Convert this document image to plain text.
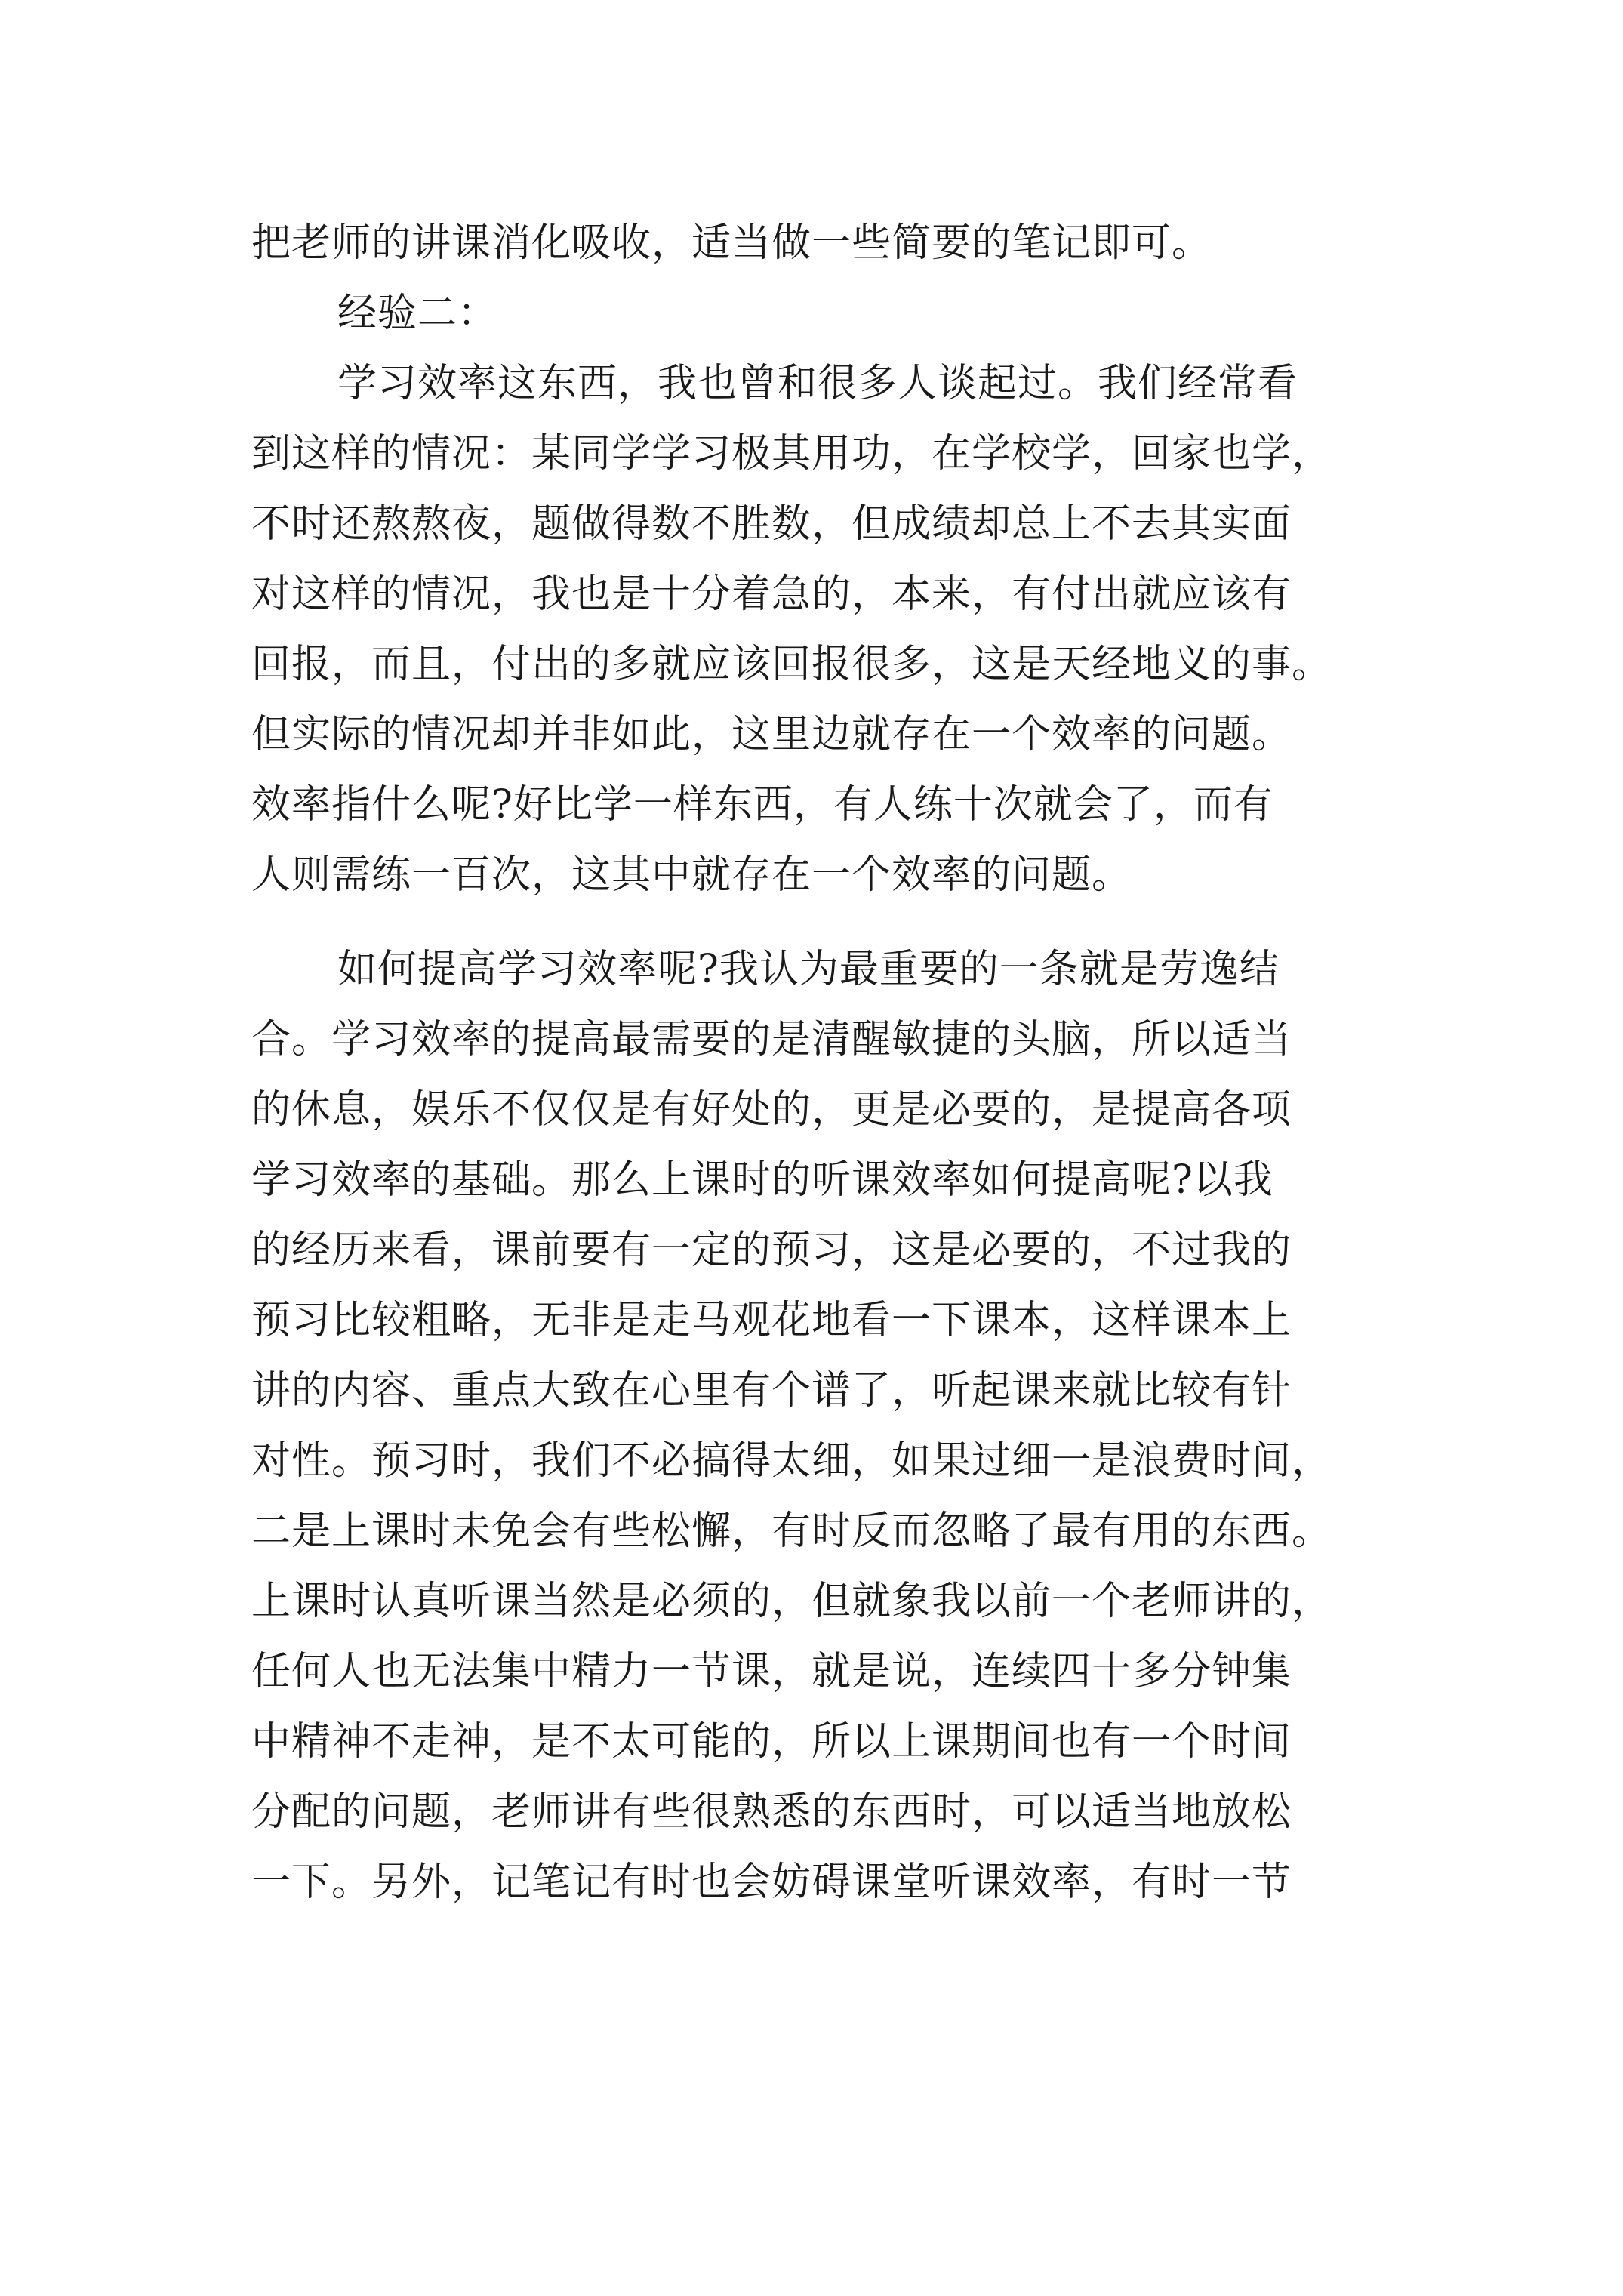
把老师的讲课消化吸收，适当做一些简要的笔记即可。
经验二：
学习效率这东西，我也曾和很多人谈起过。我们经常看
到这样的情况：某同学学习极其用功，在学校学，回家也学，
不时还熬熬夜，题做得数不胜数，但成绩却总上不去其实面
对这样的情况，我也是十分着急的，本来，有付出就应该有
回报，而且，付出的多就应该回报很多，这是天经地义的事。
但实际的情况却并非如此，这里边就存在一个效率的问题。
效率指什么呢?好比学一样东西，有人练十次就会了，而有
人则需练一百次，这其中就存在一个效率的问题。
如何提高学习效率呢?我认为最重要的一条就是劳逸结
合。学习效率的提高最需要的是清醒敏捷的头脑，所以适当
的休息，娱乐不仅仅是有好处的，更是必要的，是提高各项
学习效率的基础。那么上课时的听课效率如何提高呢?以我
的经历来看，课前要有一定的预习，这是必要的，不过我的
预习比较粗略，无非是走马观花地看一下课本，这样课本上
讲的内容、重点大致在心里有个谱了，听起课来就比较有针
对性。预习时，我们不必搞得太细，如果过细一是浪费时间，
二是上课时未免会有些松懈，有时反而忽略了最有用的东西。
上课时认真听课当然是必须的，但就象我以前一个老师讲的，
任何人也无法集中精力一节课，就是说，连续四十多分钟集
中精神不走神，是不太可能的，所以上课期间也有一个时间
分配的问题，老师讲有些很熟悉的东西时，可以适当地放松
一下。另外，记笔记有时也会妨碍课堂听课效率，有时一节
